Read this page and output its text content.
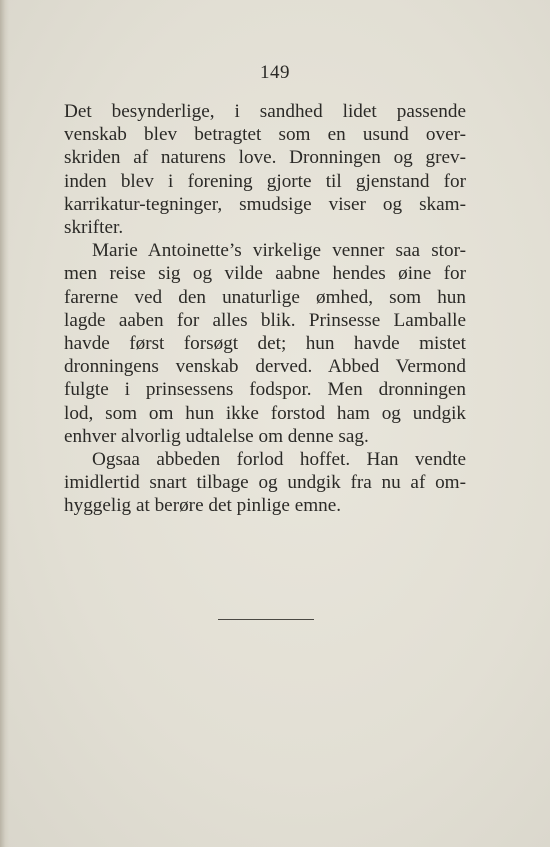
149

Det besynderlige, i sandhed lidet passende
venskab blev betragtet som en usund over-
skriden af naturens love. Dronningen og grev-
inden blev i forening gjorte til gjenstand for
karrikatur-tegninger, smudsige viser og skam-
skrifter.

Marie Antoinette’s virkelige venner saa stor-
men reise sig og vilde aabne hendes øine for
farerne ved den unaturlige ømhed, som hun
lagde aaben for alles blik. Prinsesse Lamballe
havde først forsøgt det; hun havde mistet
dronningens venskab derved. Abbed Vermond
fulgte i prinsessens fodspor. Men dronningen
lod, som om hun ikke forstod ham og undgik
enhver alvorlig udtalelse om denne sag.

Ogsaa abbeden forlod hoffet. Han vendte
imidlertid snart tilbage og undgik fra nu af om-
hyggelig at berøre det pinlige emne.
